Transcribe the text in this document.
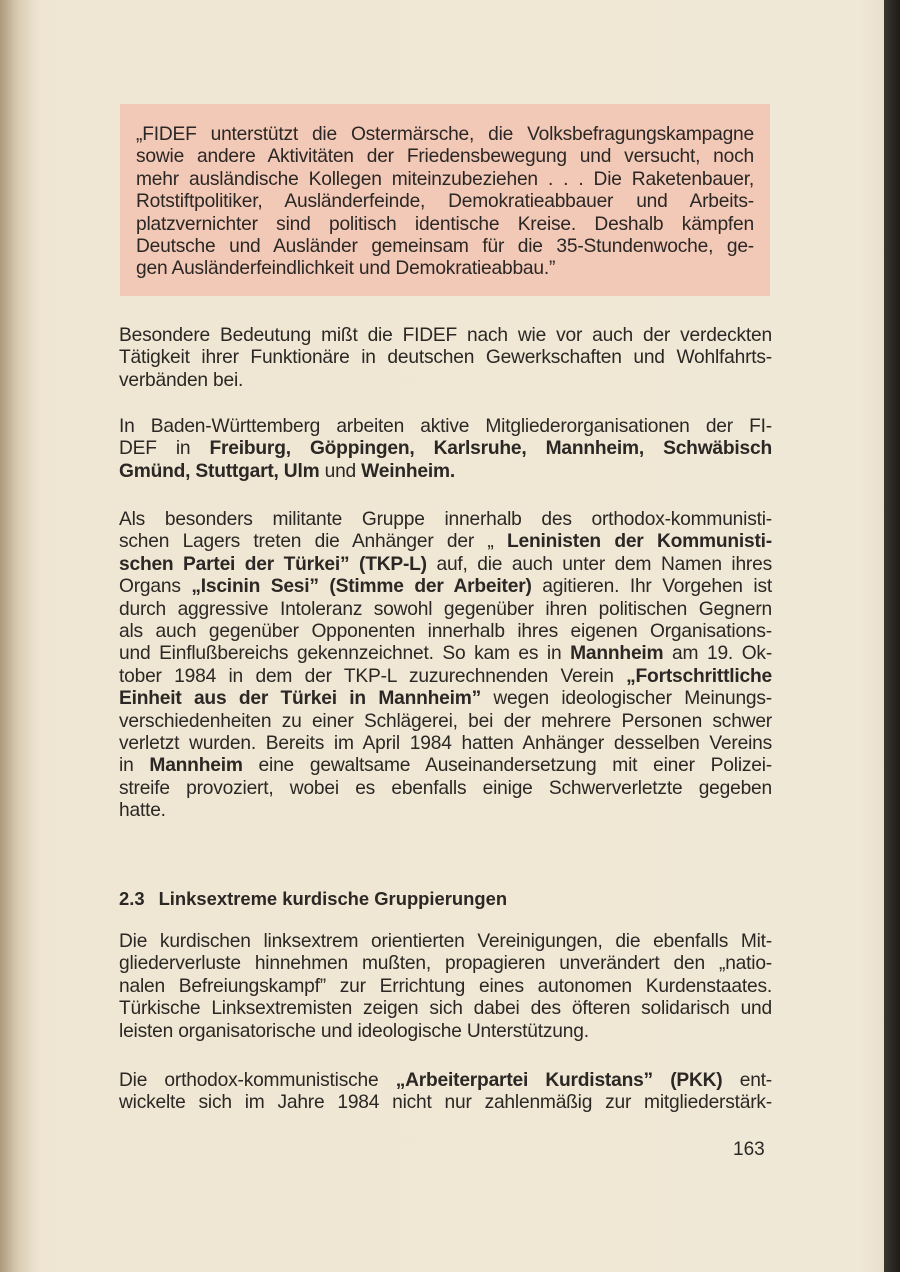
„FIDEF unterstützt die Ostermärsche, die Volksbefragungskampagne
sowie andere Aktivitäten der Friedensbewegung und versucht, noch
mehr ausländische Kollegen miteinzubeziehen . . . Die Raketenbauer,
Rotstiftpolitiker, Ausländerfeinde, Demokratieabbauer und Arbeits-
platzvernichter sind politisch identische Kreise. Deshalb kämpfen
Deutsche und Ausländer gemeinsam für die 35-Stundenwoche, ge-
gen Ausländerfeindlichkeit und Demokratieabbau.”

Besondere Bedeutung mißt die FIDEF nach wie vor auch der verdeckten
Tätigkeit ihrer Funktionäre in deutschen Gewerkschaften und Wohlfahrts-
verbänden bei.

In Baden-Württemberg arbeiten aktive Mitgliederorganisationen der FI-
DEF in Freiburg, Göppingen, Karlsruhe, Mannheim, Schwäbisch
Gmünd, Stuttgart, Ulm und Weinheim.

Als besonders militante Gruppe innerhalb des orthodox-kommunisti-
schen Lagers treten die Anhänger der „ Leninisten der Kommunisti-
schen Partei der Türkei” (TKP-L) auf, die auch unter dem Namen ihres
Organs „Iscinin Sesi” (Stimme der Arbeiter) agitieren. Ihr Vorgehen ist
durch aggressive Intoleranz sowohl gegenüber ihren politischen Gegnern
als auch gegenüber Opponenten innerhalb ihres eigenen Organisations-
und Einflußbereichs gekennzeichnet. So kam es in Mannheim am 19. Ok-
tober 1984 in dem der TKP-L zuzurechnenden Verein „Fortschrittliche
Einheit aus der Türkei in Mannheim” wegen ideologischer Meinungs-
verschiedenheiten zu einer Schlägerei, bei der mehrere Personen schwer
verletzt wurden. Bereits im April 1984 hatten Anhänger desselben Vereins
in Mannheim eine gewaltsame Auseinandersetzung mit einer Polizei-
streife provoziert, wobei es ebenfalls einige Schwerverletzte gegeben
hatte.

2.3 Linksextreme kurdische Gruppierungen

Die kurdischen linksextrem orientierten Vereinigungen, die ebenfalls Mit-
gliederverluste hinnehmen mußten, propagieren unverändert den „natio-
nalen Befreiungskampf” zur Errichtung eines autonomen Kurdenstaates.
Türkische Linksextremisten zeigen sich dabei des öfteren solidarisch und
leisten organisatorische und ideologische Unterstützung.

Die orthodox-kommunistische „Arbeiterpartei Kurdistans” (PKK) ent-
wickelte sich im Jahre 1984 nicht nur zahlenmäßig zur mitgliederstärk-

163
